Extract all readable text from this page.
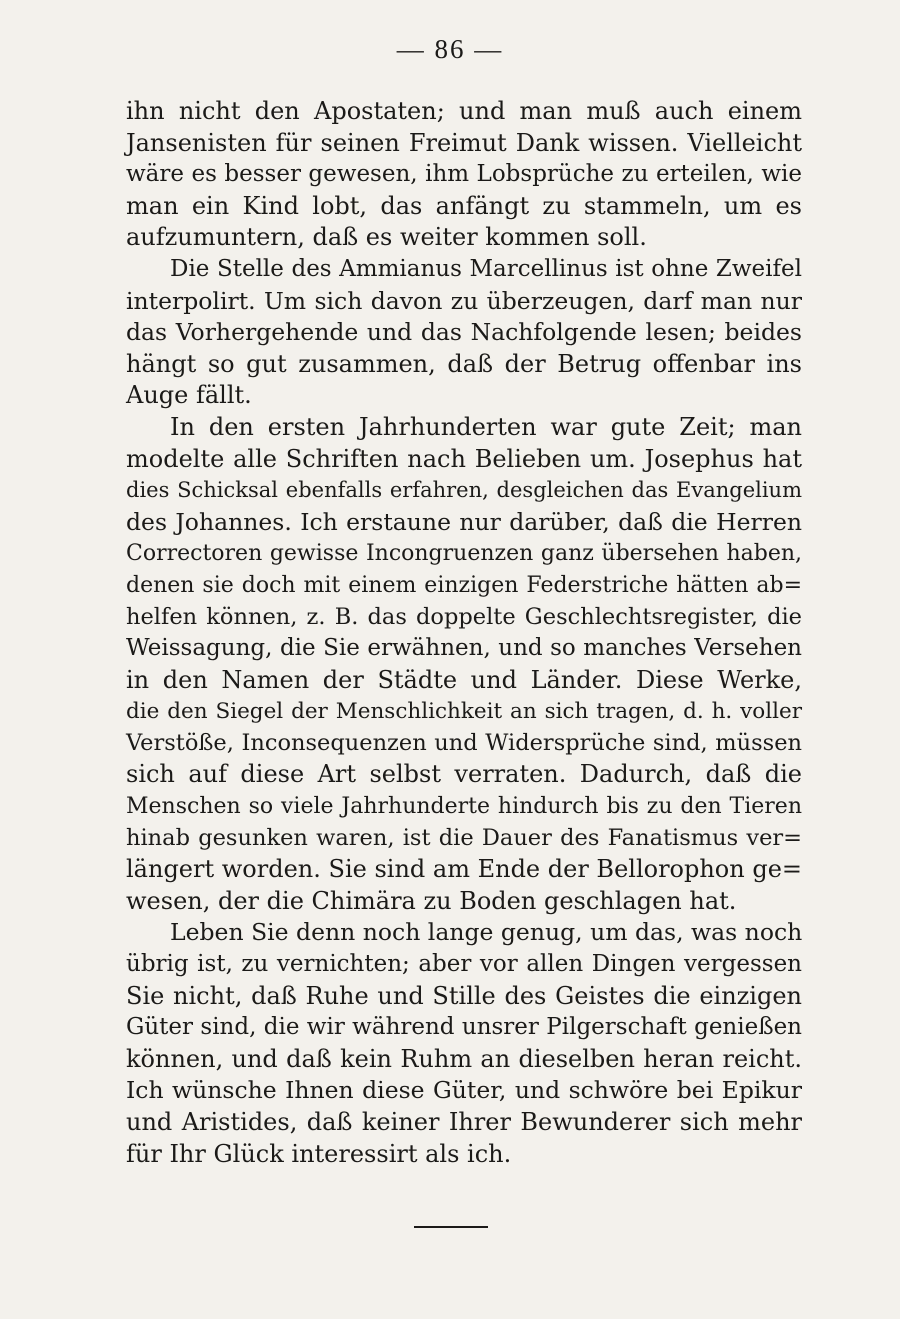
— 86 —
ihn nicht den Apostaten; und man muß auch einem
Jansenisten für seinen Freimut Dank wissen. Vielleicht
wäre es besser gewesen, ihm Lobsprüche zu erteilen, wie
man ein Kind lobt, das anfängt zu stammeln, um es
aufzumuntern, daß es weiter kommen soll.
Die Stelle des Ammianus Marcellinus ist ohne Zweifel
interpolirt. Um sich davon zu überzeugen, darf man nur
das Vorhergehende und das Nachfolgende lesen; beides
hängt so gut zusammen, daß der Betrug offenbar ins
Auge fällt.
In den ersten Jahrhunderten war gute Zeit; man
modelte alle Schriften nach Belieben um. Josephus hat
dies Schicksal ebenfalls erfahren, desgleichen das Evangelium
des Johannes. Ich erstaune nur darüber, daß die Herren
Correctoren gewisse Incongruenzen ganz übersehen haben,
denen sie doch mit einem einzigen Federstriche hätten ab=
helfen können, z. B. das doppelte Geschlechtsregister, die
Weissagung, die Sie erwähnen, und so manches Versehen
in den Namen der Städte und Länder. Diese Werke,
die den Siegel der Menschlichkeit an sich tragen, d. h. voller
Verstöße, Inconsequenzen und Widersprüche sind, müssen
sich auf diese Art selbst verraten. Dadurch, daß die
Menschen so viele Jahrhunderte hindurch bis zu den Tieren
hinab gesunken waren, ist die Dauer des Fanatismus ver=
längert worden. Sie sind am Ende der Bellorophon ge=
wesen, der die Chimära zu Boden geschlagen hat.
Leben Sie denn noch lange genug, um das, was noch
übrig ist, zu vernichten; aber vor allen Dingen vergessen
Sie nicht, daß Ruhe und Stille des Geistes die einzigen
Güter sind, die wir während unsrer Pilgerschaft genießen
können, und daß kein Ruhm an dieselben heran reicht.
Ich wünsche Ihnen diese Güter, und schwöre bei Epikur
und Aristides, daß keiner Ihrer Bewunderer sich mehr
für Ihr Glück interessirt als ich.
